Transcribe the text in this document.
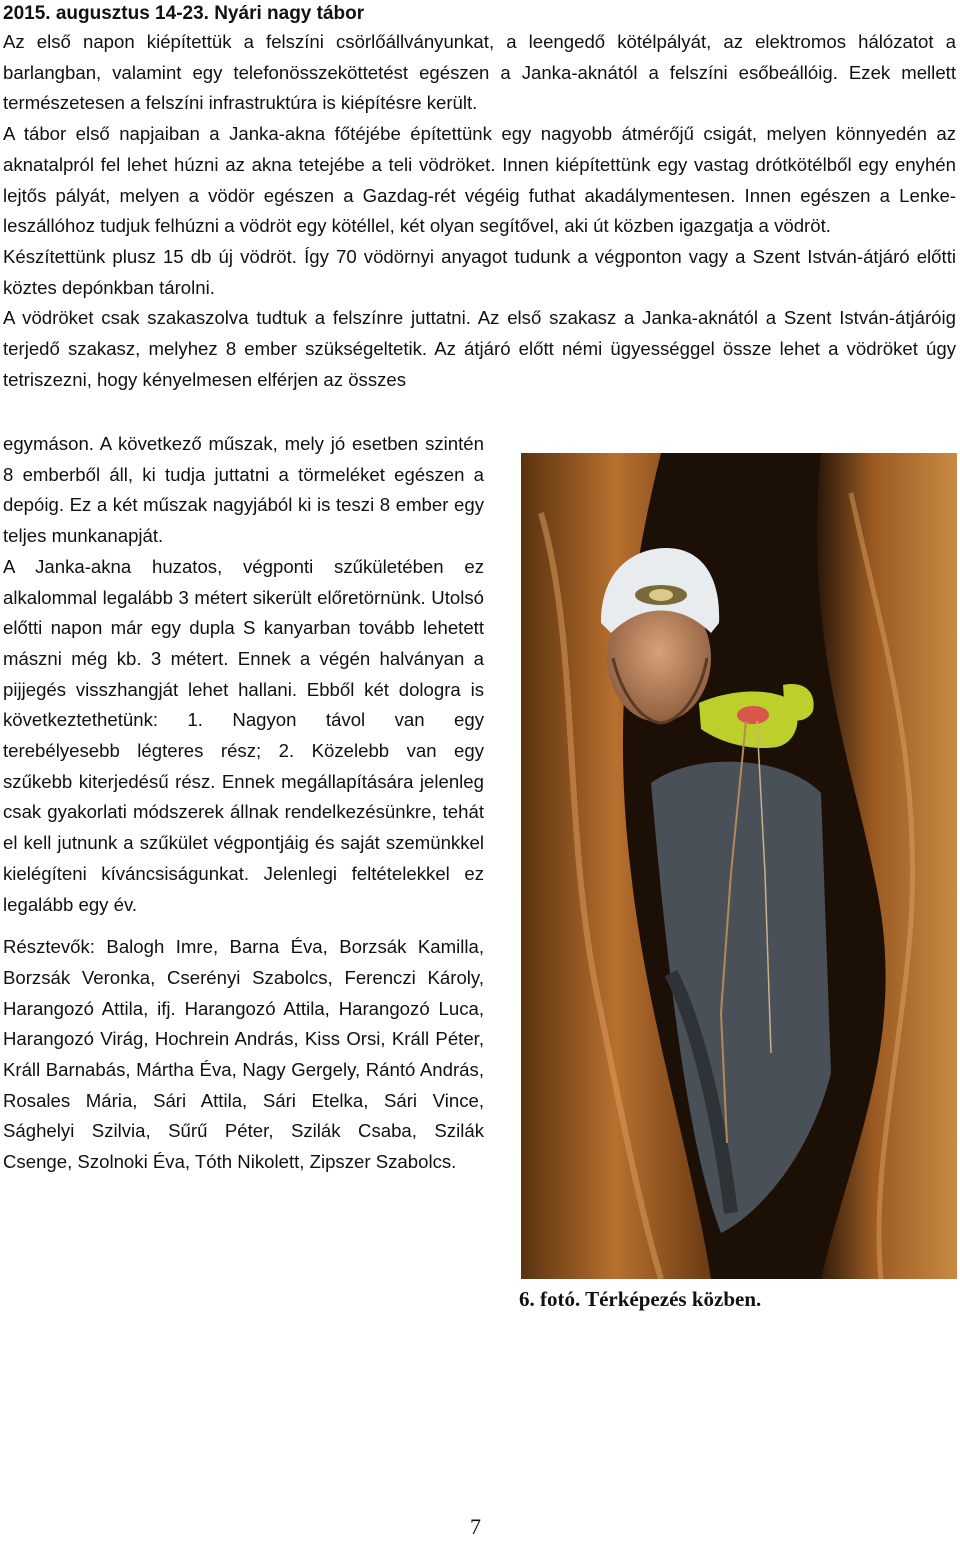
2015. augusztus 14-23. Nyári nagy tábor

Az első napon kiépítettük a felszíni csörlőállványunkat, a leengedő kötélpályát, az elektromos hálózatot a barlangban, valamint egy telefonösszeköttetést egészen a Janka-aknától a felszíni esőbeállóig. Ezek mellett természetesen a felszíni infrastruktúra is kiépítésre került.

A tábor első napjaiban a Janka-akna főtéjébe építettünk egy nagyobb átmérőjű csigát, melyen könnyedén az aknatalpról fel lehet húzni az akna tetejébe a teli vödröket. Innen kiépítettünk egy vastag drótkötélből egy enyhén lejtős pályát, melyen a vödör egészen a Gazdag-rét végéig futhat akadálymentesen. Innen egészen a Lenke-leszállóhoz tudjuk felhúzni a vödröt egy kötéllel, két olyan segítővel, aki út közben igazgatja a vödröt.

Készítettünk plusz 15 db új vödröt. Így 70 vödörnyi anyagot tudunk a végponton vagy a Szent István-átjáró előtti köztes depónkban tárolni.

A vödröket csak szakaszolva tudtuk a felszínre juttatni. Az első szakasz a Janka-aknától a Szent István-átjáróig terjedő szakasz, melyhez 8 ember szükségeltetik. Az átjáró előtt némi ügyességgel össze lehet a vödröket úgy tetriszezni, hogy kényelmesen elférjen az összes

egymáson. A következő műszak, mely jó esetben szintén 8 emberből áll, ki tudja juttatni a törmeléket egészen a depóig. Ez a két műszak nagyjából ki is teszi 8 ember egy teljes munkanapját.

A Janka-akna huzatos, végponti szűkületében ez alkalommal legalább 3 métert sikerült előretörnünk. Utolsó előtti napon már egy dupla S kanyarban tovább lehetett mászni még kb. 3 métert. Ennek a végén halványan a pijjegés visszhangját lehet hallani. Ebből két dologra is következtethetünk: 1. Nagyon távol van egy terebélyesebb légteres rész; 2. Közelebb van egy szűkebb kiterjedésű rész. Ennek megállapítására jelenleg csak gyakorlati módszerek állnak rendelkezésünkre, tehát el kell jutnunk a szűkület végpontjáig és saját szemünkkel kielégíteni kíváncsiságunkat. Jelenlegi feltételekkel ez legalább egy év.

Résztevők: Balogh Imre, Barna Éva, Borzsák Kamilla, Borzsák Veronka, Cserényi Szabolcs, Ferenczi Károly, Harangozó Attila, ifj. Harangozó Attila, Harangozó Luca, Harangozó Virág, Hochrein András, Kiss Orsi, Králl Péter, Králl Barnabás, Mártha Éva, Nagy Gergely, Rántó András, Rosales Mária, Sári Attila, Sári Etelka, Sári Vince, Sághelyi Szilvia, Sűrű Péter, Szilák Csaba, Szilák Csenge, Szolnoki Éva, Tóth Nikolett, Zipszer Szabolcs.

6. fotó. Térképezés közben.
7
